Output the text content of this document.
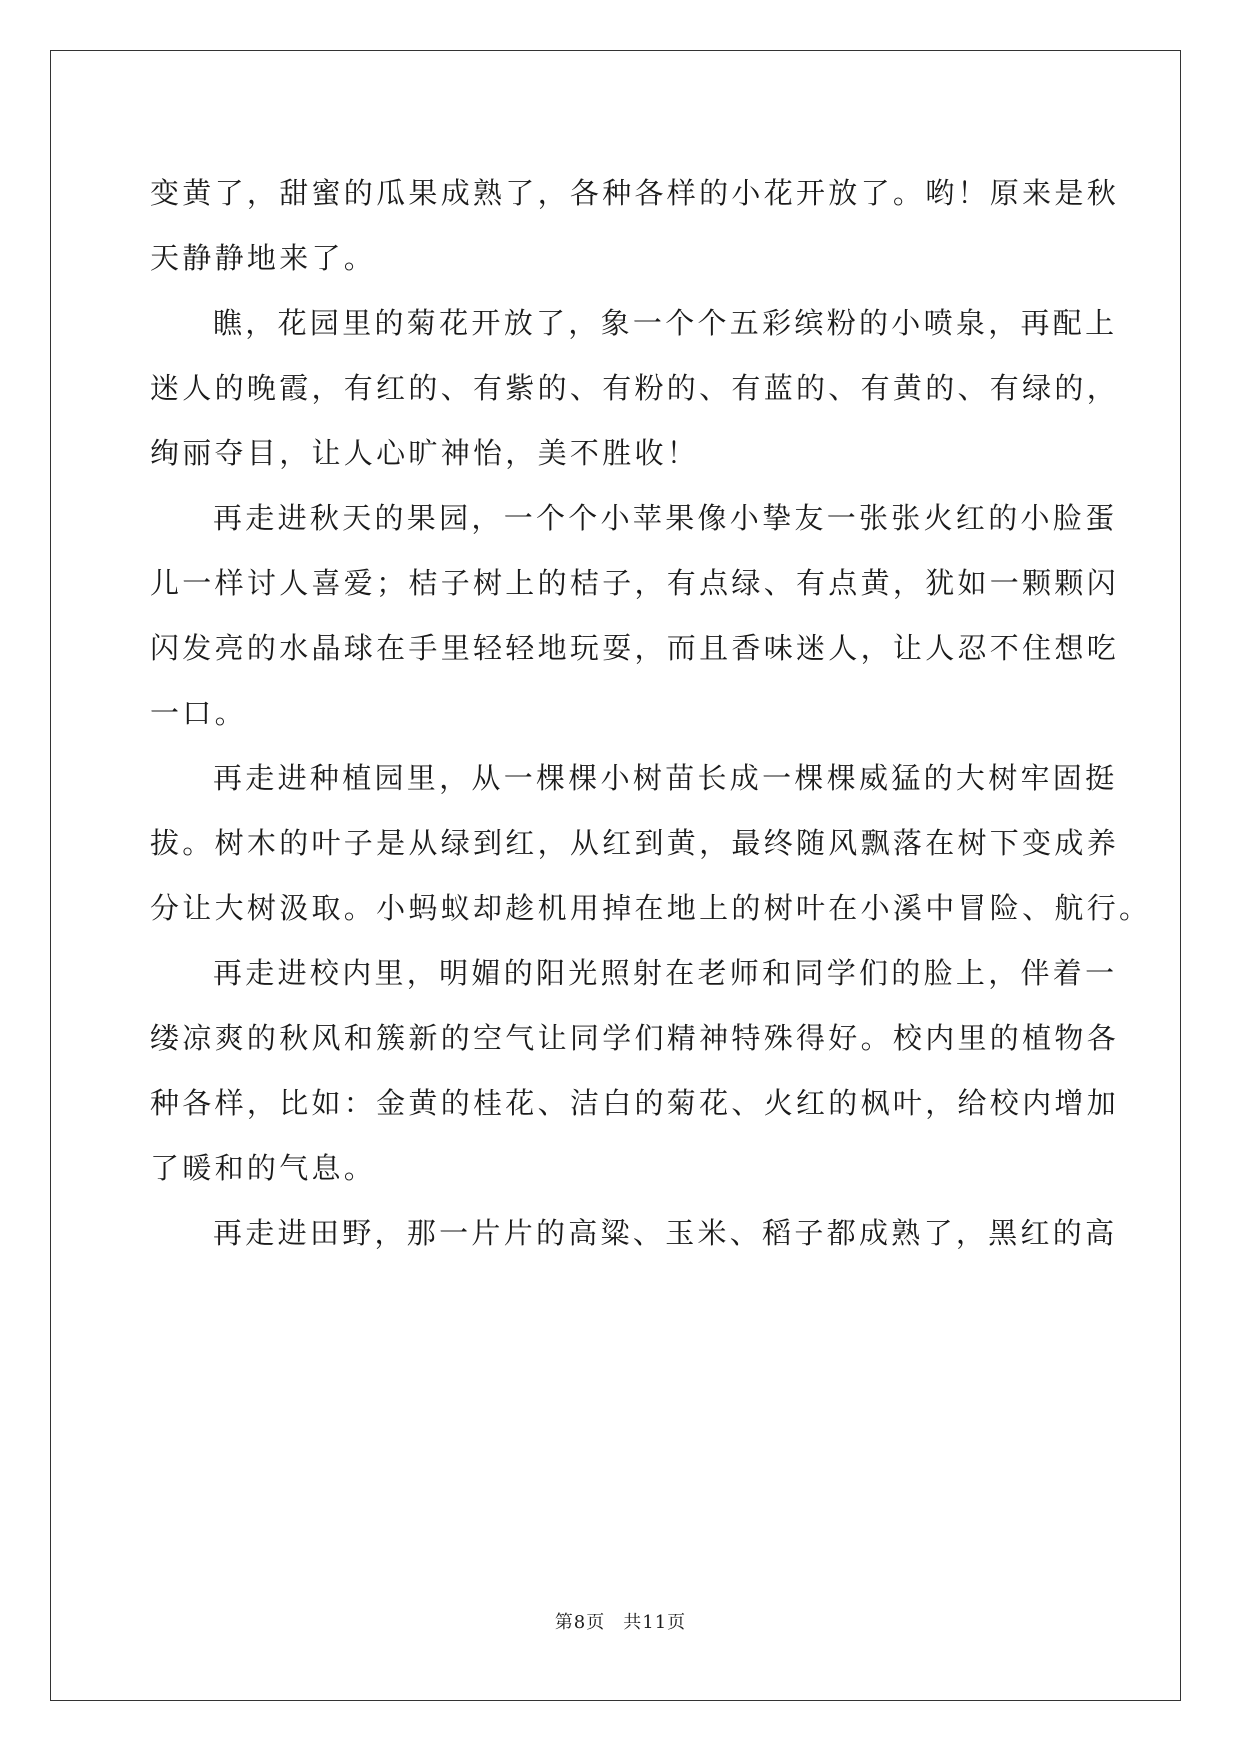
变黄了，甜蜜的瓜果成熟了，各种各样的小花开放了。哟！原来是秋
天静静地来了。
瞧，花园里的菊花开放了，象一个个五彩缤粉的小喷泉，再配上
迷人的晚霞，有红的、有紫的、有粉的、有蓝的、有黄的、有绿的，
绚丽夺目，让人心旷神怡，美不胜收！
再走进秋天的果园，一个个小苹果像小挚友一张张火红的小脸蛋
儿一样讨人喜爱；桔子树上的桔子，有点绿、有点黄，犹如一颗颗闪
闪发亮的水晶球在手里轻轻地玩耍，而且香味迷人，让人忍不住想吃
一口。
再走进种植园里，从一棵棵小树苗长成一棵棵威猛的大树牢固挺
拔。树木的叶子是从绿到红，从红到黄，最终随风飘落在树下变成养
分让大树汲取。小蚂蚁却趁机用掉在地上的树叶在小溪中冒险、航行。
再走进校内里，明媚的阳光照射在老师和同学们的脸上，伴着一
缕凉爽的秋风和簇新的空气让同学们精神特殊得好。校内里的植物各
种各样，比如：金黄的桂花、洁白的菊花、火红的枫叶，给校内增加
了暖和的气息。
再走进田野，那一片片的高粱、玉米、稻子都成熟了，黑红的高
第8页 共11页
